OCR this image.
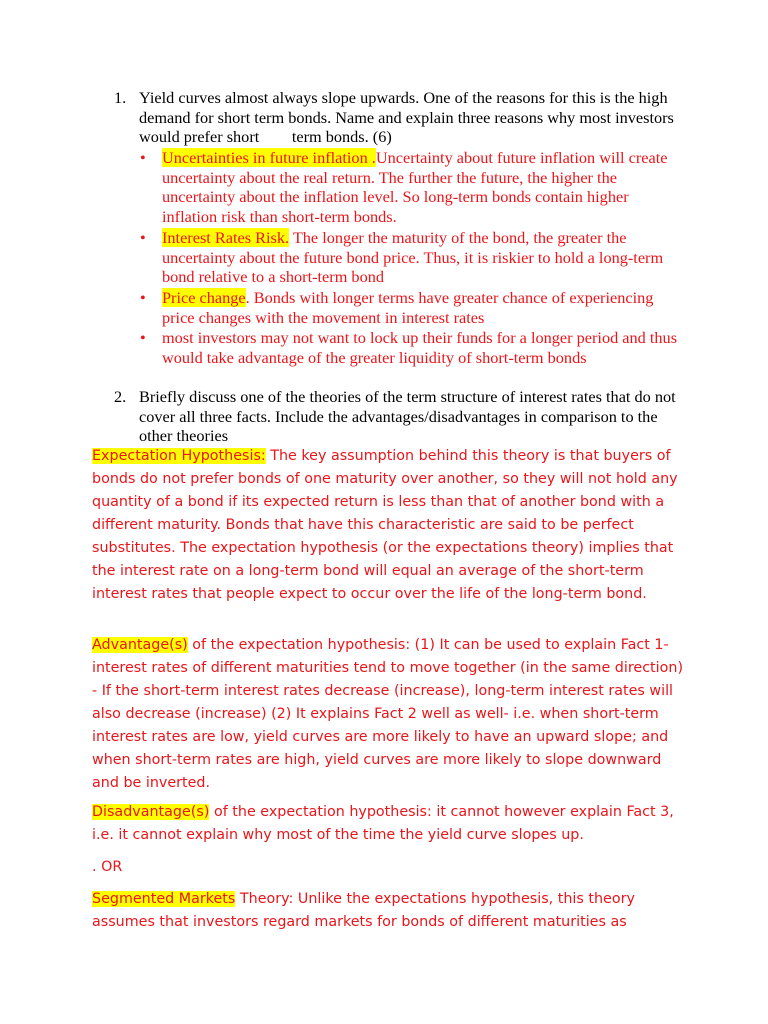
1. Yield curves almost always slope upwards. One of the reasons for this is the high demand for short term bonds. Name and explain three reasons why most investors would prefer short        term bonds. (6)
• Uncertainties in future inflation .Uncertainty about future inflation will create uncertainty about the real return. The further the future, the higher the uncertainty about the inflation level. So long-term bonds contain higher inflation risk than short-term bonds.
• Interest Rates Risk. The longer the maturity of the bond, the greater the uncertainty about the future bond price. Thus, it is riskier to hold a long-term bond relative to a short-term bond
• Price change. Bonds with longer terms have greater chance of experiencing price changes with the movement in interest rates
• most investors may not want to lock up their funds for a longer period and thus would take advantage of the greater liquidity of short-term bonds
2. Briefly discuss one of the theories of the term structure of interest rates that do not cover all three facts. Include the advantages/disadvantages in comparison to the other theories
Expectation Hypothesis: The key assumption behind this theory is that buyers of bonds do not prefer bonds of one maturity over another, so they will not hold any quantity of a bond if its expected return is less than that of another bond with a different maturity. Bonds that have this characteristic are said to be perfect substitutes. The expectation hypothesis (or the expectations theory) implies that the interest rate on a long-term bond will equal an average of the short-term interest rates that people expect to occur over the life of the long-term bond.
Advantage(s) of the expectation hypothesis: (1) It can be used to explain Fact 1-interest rates of different maturities tend to move together (in the same direction) - If the short-term interest rates decrease (increase), long-term interest rates will also decrease (increase) (2) It explains Fact 2 well as well- i.e. when short-term interest rates are low, yield curves are more likely to have an upward slope; and when short-term rates are high, yield curves are more likely to slope downward and be inverted.
Disadvantage(s) of the expectation hypothesis: it cannot however explain Fact 3, i.e. it cannot explain why most of the time the yield curve slopes up.
. OR
Segmented Markets Theory: Unlike the expectations hypothesis, this theory assumes that investors regard markets for bonds of different maturities as
